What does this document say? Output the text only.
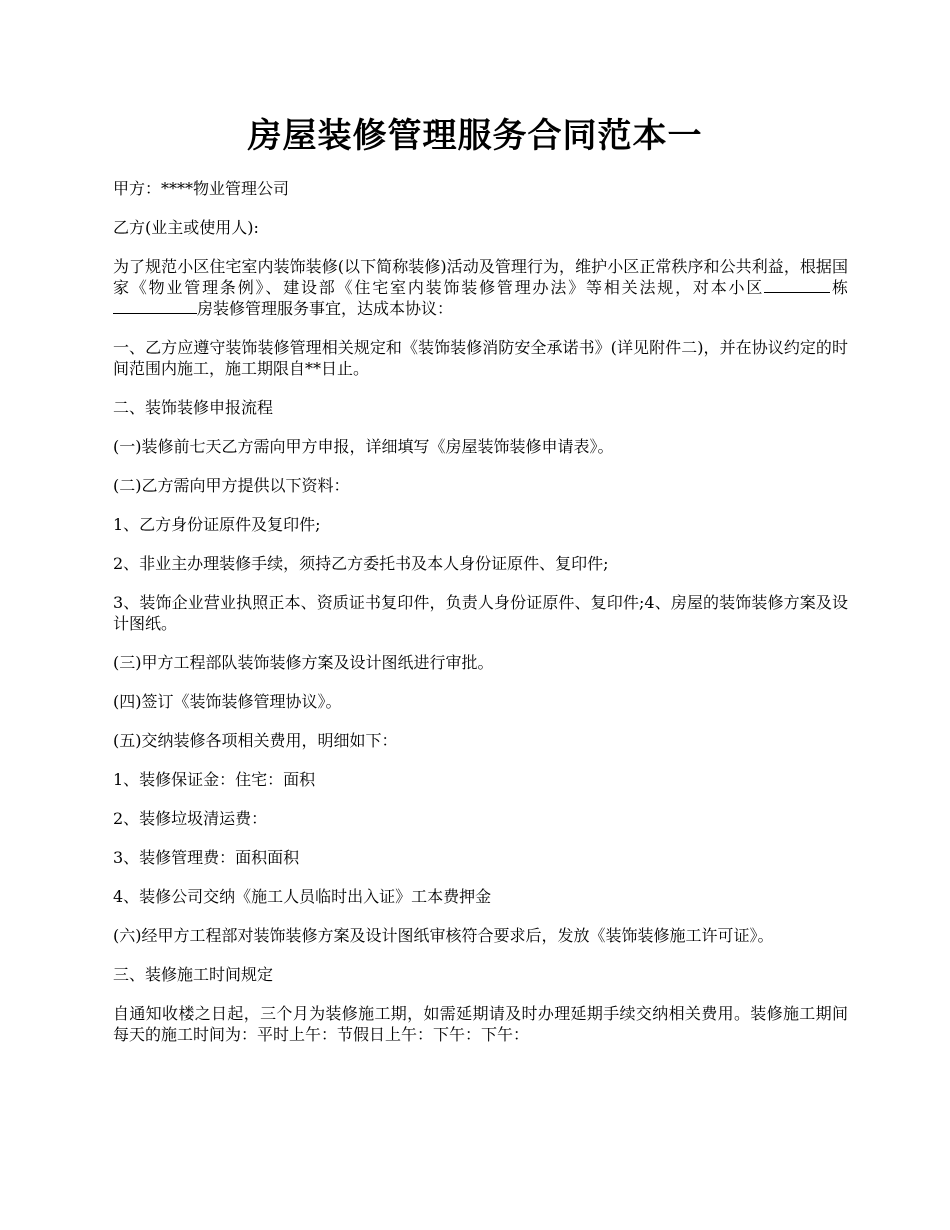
房屋装修管理服务合同范本一

甲方：****物业管理公司

乙方(业主或使用人):

为了规范小区住宅室内装饰装修(以下简称装修)活动及管理行为，维护小区正常秩序和公共利益，根据国家《物业管理条例》、建设部《住宅室内装饰装修管理办法》等相关法规，对本小区	栋房装修管理服务事宜，达成本协议：

一、乙方应遵守装饰装修管理相关规定和《装饰装修消防安全承诺书》(详见附件二)，并在协议约定的时间范围内施工，施工期限自**日止。

二、装饰装修申报流程

(一)装修前七天乙方需向甲方申报，详细填写《房屋装饰装修申请表》。

(二)乙方需向甲方提供以下资料：

1、乙方身份证原件及复印件;

2、非业主办理装修手续，须持乙方委托书及本人身份证原件、复印件;

3、装饰企业营业执照正本、资质证书复印件，负责人身份证原件、复印件;4、房屋的装饰装修方案及设计图纸。

(三)甲方工程部队装饰装修方案及设计图纸进行审批。

(四)签订《装饰装修管理协议》。

(五)交纳装修各项相关费用，明细如下：

1、装修保证金：住宅：面积

2、装修垃圾清运费：

3、装修管理费：面积面积

4、装修公司交纳《施工人员临时出入证》工本费押金

(六)经甲方工程部对装饰装修方案及设计图纸审核符合要求后，发放《装饰装修施工许可证》。

三、装修施工时间规定

自通知收楼之日起，三个月为装修施工期，如需延期请及时办理延期手续交纳相关费用。装修施工期间每天的施工时间为：平时上午：节假日上午：下午：下午：
